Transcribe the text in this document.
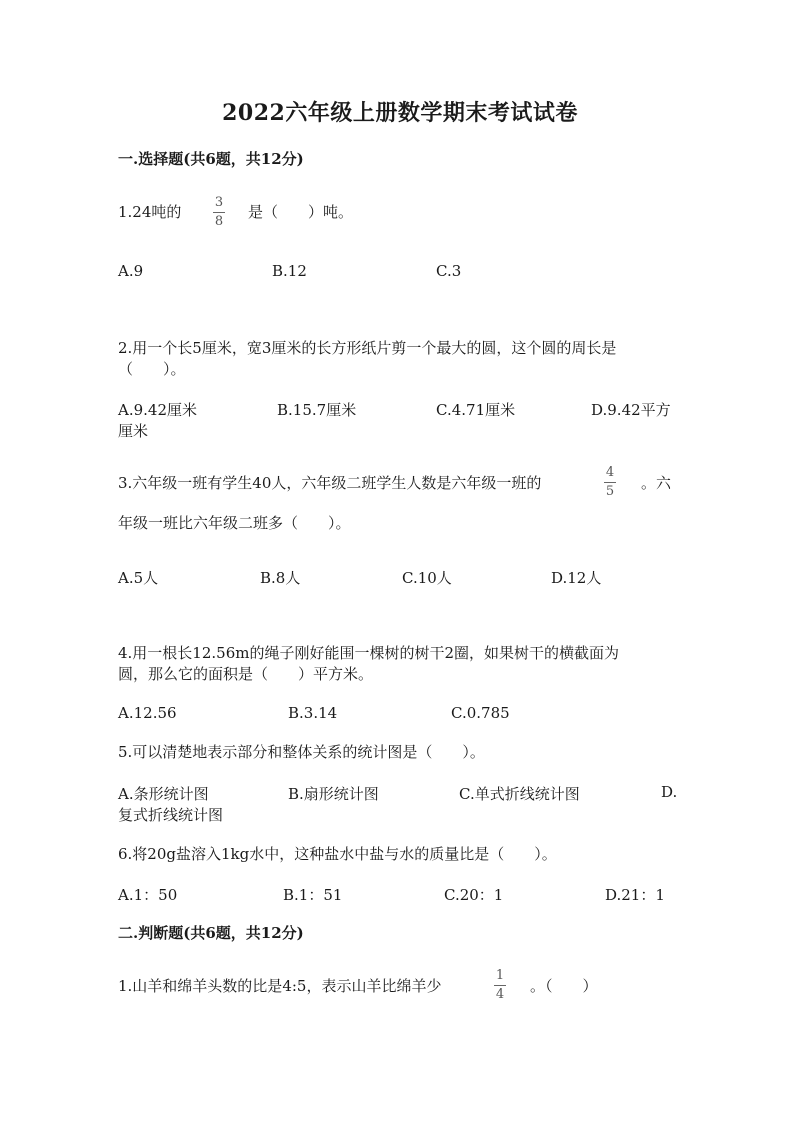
2022六年级上册数学期末考试试卷
一.选择题(共6题，共12分)
1.24吨的
3
8
是（　　）吨。
A.9	B.12	C.3
2.用一个长5厘米，宽3厘米的长方形纸片剪一个最大的圆，这个圆的周长是
（　　）。
A.9.42厘米	B.15.7厘米	C.4.71厘米	D.9.42平方
厘米
3.六年级一班有学生40人，六年级二班学生人数是六年级一班的
4
5 。六
年级一班比六年级二班多（　　）。
A.5人	B.8人	C.10人	D.12人
4.用一根长12.56m的绳子刚好能围一棵树的树干2圈，如果树干的横截面为
圆，那么它的面积是（　　）平方米。
A.12.56	B.3.14	C.0.785
5.可以清楚地表示部分和整体关系的统计图是（　　）。
A.条形统计图	B.扇形统计图	C.单式折线统计图	D.
复式折线统计图
6.将20g盐溶入1kg水中，这种盐水中盐与水的质量比是（　　）。
A.1：50	B.1：51	C.20：1	D.21：1
二.判断题(共6题，共12分)
1.山羊和绵羊头数的比是4:5，表示山羊比绵羊少
1
4 。（　　）
